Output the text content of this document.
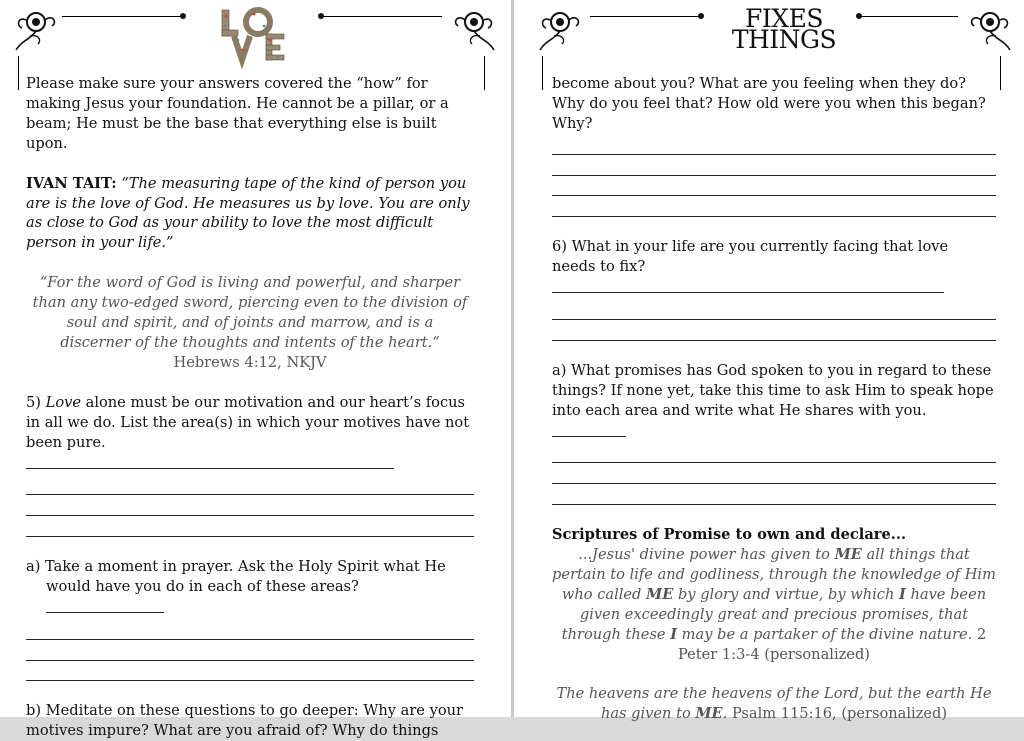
Please make sure your answers covered the “how” for making Jesus your foundation. He cannot be a pillar, or a beam; He must be the base that everything else is built upon.

IVAN TAIT: “The measuring tape of the kind of person you are is the love of God. He measures us by love. You are only as close to God as your ability to love the most difficult person in your life.”

“For the word of God is living and powerful, and sharper than any two-edged sword, piercing even to the division of soul and spirit, and of joints and marrow, and is a discerner of the thoughts and intents of the heart.“ Hebrews 4:12, NKJV

5) Love alone must be our motivation and our heart’s focus in all we do. List the area(s) in which your motives have not been pure.

a) Take a moment in prayer. Ask the Holy Spirit what He would have you do in each of these areas?

b) Meditate on these questions to go deeper: Why are your motives impure? What are you afraid of? Why do things

FIXES
THINGS

become about you? What are you feeling when they do? Why do you feel that? How old were you when this began? Why?

6) What in your life are you currently facing that love needs to fix?

a) What promises has God spoken to you in regard to these things? If none yet, take this time to ask Him to speak hope into each area and write what He shares with you.

Scriptures of Promise to own and declare...

...Jesus' divine power has given to ME all things that pertain to life and godliness, through the knowledge of Him who called ME by glory and virtue, by which I have been given exceedingly great and precious promises, that through these I may be a partaker of the divine nature. 2 Peter 1:3-4 (personalized)

The heavens are the heavens of the Lord, but the earth He has given to ME. Psalm 115:16, (personalized)
